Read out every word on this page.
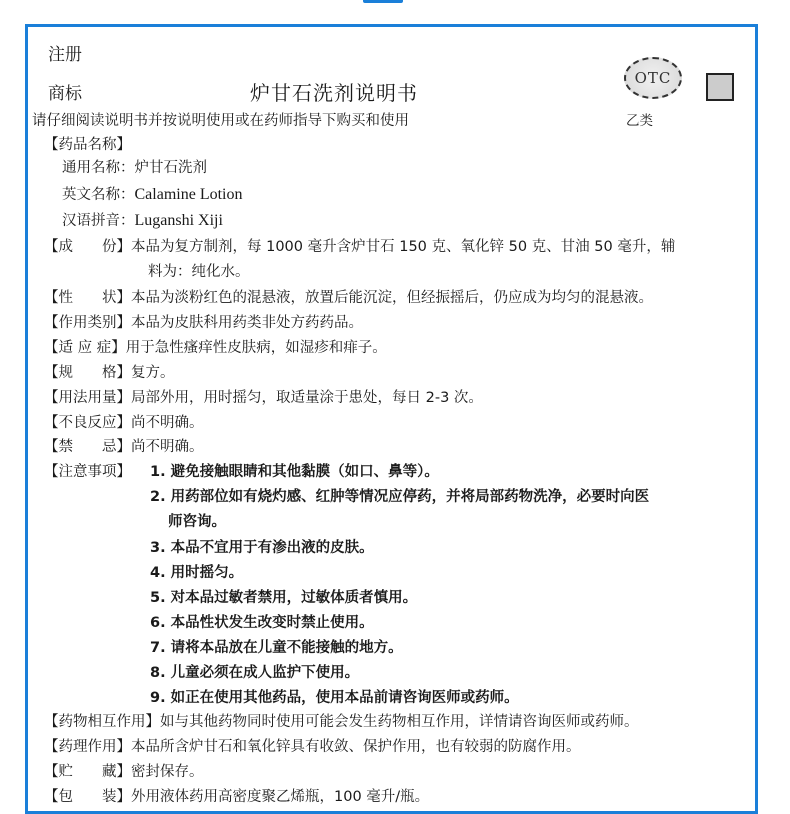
注册
商标	炉甘石洗剂说明书
OTC
请仔细阅读说明书并按说明使用或在药师指导下购买和使用	乙类
【药品名称】
通用名称：炉甘石洗剂
英文名称：Calamine Lotion
汉语拼音：Luganshi Xiji
【成　　份】本品为复方制剂，每 1000 毫升含炉甘石 150 克、氧化锌 50 克、甘油 50 毫升，辅
料为：纯化水。
【性　　状】本品为淡粉红色的混悬液，放置后能沉淀，但经振摇后，仍应成为均匀的混悬液。
【作用类别】本品为皮肤科用药类非处方药药品。
【适 应 症】用于急性瘙痒性皮肤病，如湿疹和痱子。
【规　　格】复方。
【用法用量】局部外用，用时摇匀，取适量涂于患处，每日 2-3 次。
【不良反应】尚不明确。
【禁　　忌】尚不明确。
【注意事项】 1. 避免接触眼睛和其他黏膜（如口、鼻等）。
2. 用药部位如有烧灼感、红肿等情况应停药，并将局部药物洗净，必要时向医
师咨询。
3. 本品不宜用于有渗出液的皮肤。
4. 用时摇匀。
5. 对本品过敏者禁用，过敏体质者慎用。
6. 本品性状发生改变时禁止使用。
7. 请将本品放在儿童不能接触的地方。
8. 儿童必须在成人监护下使用。
9. 如正在使用其他药品，使用本品前请咨询医师或药师。
【药物相互作用】如与其他药物同时使用可能会发生药物相互作用，详情请咨询医师或药师。
【药理作用】本品所含炉甘石和氧化锌具有收敛、保护作用，也有较弱的防腐作用。
【贮　　藏】密封保存。
【包　　装】外用液体药用高密度聚乙烯瓶，100 毫升/瓶。
